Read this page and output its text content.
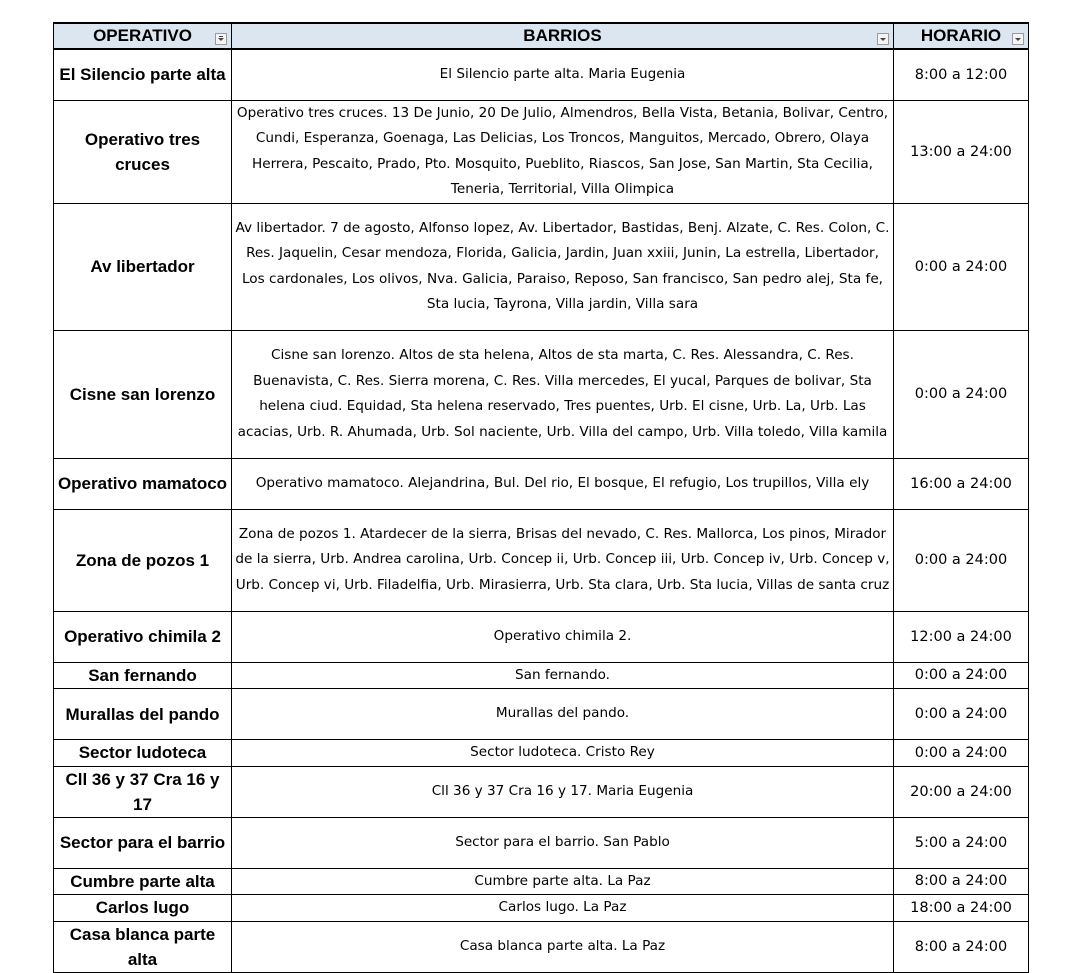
OPERATIVO	BARRIOS	HORARIO

El Silencio parte alta	El Silencio parte alta. Maria Eugenia	8:00 a 12:00
Operativo tres cruces	Operativo tres cruces. 13 De Junio, 20 De Julio, Almendros, Bella Vista, Betania, Bolivar, Centro, Cundi, Esperanza, Goenaga, Las Delicias, Los Troncos, Manguitos, Mercado, Obrero, Olaya Herrera, Pescaito, Prado, Pto. Mosquito, Pueblito, Riascos, San Jose, San Martin, Sta Cecilia, Teneria, Territorial, Villa Olimpica	13:00 a 24:00
Av libertador	Av libertador. 7 de agosto, Alfonso lopez, Av. Libertador, Bastidas, Benj. Alzate, C. Res. Colon, C. Res. Jaquelin, Cesar mendoza, Florida, Galicia, Jardin, Juan xxiii, Junin, La estrella, Libertador, Los cardonales, Los olivos, Nva. Galicia, Paraiso, Reposo, San francisco, San pedro alej, Sta fe, Sta lucia, Tayrona, Villa jardin, Villa sara	0:00 a 24:00
Cisne san lorenzo	Cisne san lorenzo. Altos de sta helena, Altos de sta marta, C. Res. Alessandra, C. Res. Buenavista, C. Res. Sierra morena, C. Res. Villa mercedes, El yucal, Parques de bolivar, Sta helena ciud. Equidad, Sta helena reservado, Tres puentes, Urb. El cisne, Urb. La, Urb. Las acacias, Urb. R. Ahumada, Urb. Sol naciente, Urb. Villa del campo, Urb. Villa toledo, Villa kamila	0:00 a 24:00
Operativo mamatoco	Operativo mamatoco. Alejandrina, Bul. Del rio, El bosque, El refugio, Los trupillos, Villa ely	16:00 a 24:00
Zona de pozos 1	Zona de pozos 1. Atardecer de la sierra, Brisas del nevado, C. Res. Mallorca, Los pinos, Mirador de la sierra, Urb. Andrea carolina, Urb. Concep ii, Urb. Concep iii, Urb. Concep iv, Urb. Concep v, Urb. Concep vi, Urb. Filadelfia, Urb. Mirasierra, Urb. Sta clara, Urb. Sta lucia, Villas de santa cruz	0:00 a 24:00
Operativo chimila 2	Operativo chimila 2.	12:00 a 24:00
San fernando	San fernando.	0:00 a 24:00
Murallas del pando	Murallas del pando.	0:00 a 24:00
Sector ludoteca	Sector ludoteca. Cristo Rey	0:00 a 24:00
Cll 36 y 37 Cra 16 y 17	Cll 36 y 37 Cra 16 y 17. Maria Eugenia	20:00 a 24:00
Sector para el barrio	Sector para el barrio. San Pablo	5:00 a 24:00
Cumbre parte alta	Cumbre parte alta. La Paz	8:00 a 24:00
Carlos lugo	Carlos lugo. La Paz	18:00 a 24:00
Casa blanca parte alta	Casa blanca parte alta. La Paz	8:00 a 24:00
